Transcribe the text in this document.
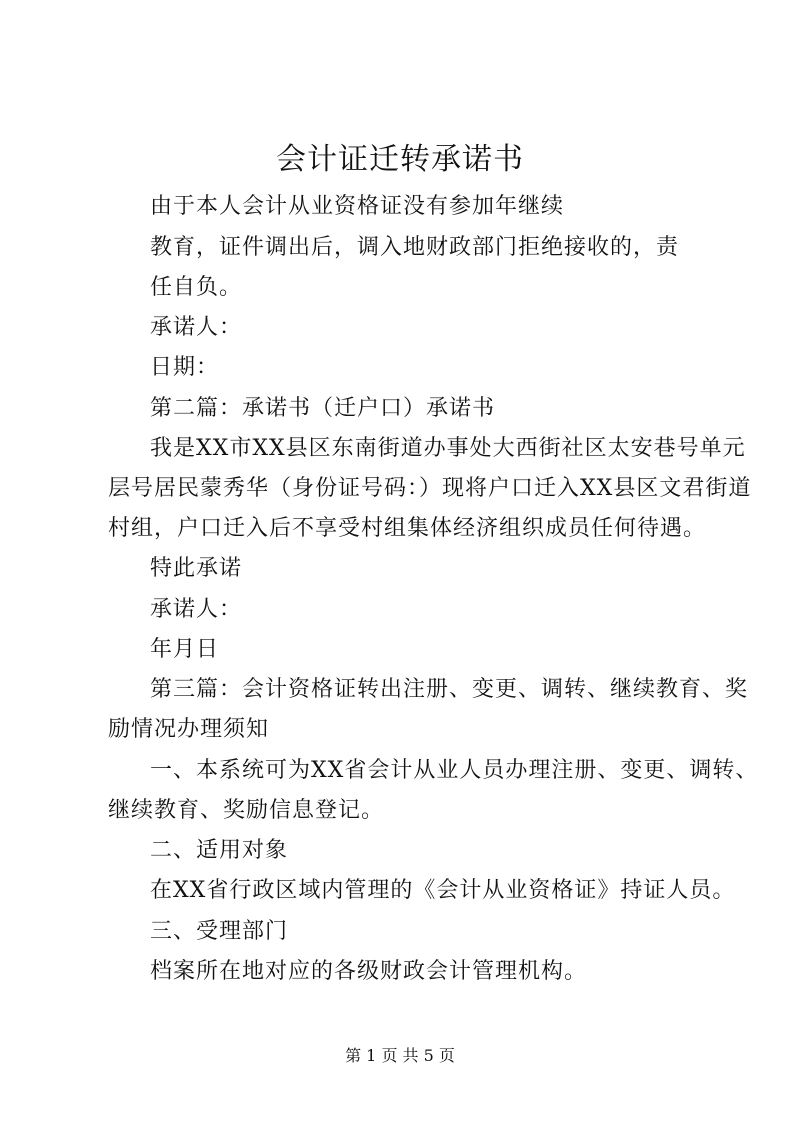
会计证迁转承诺书
由于本人会计从业资格证没有参加年继续
教育，证件调出后，调入地财政部门拒绝接收的，责
任自负。
承诺人：
日期：
第二篇：承诺书（迁户口）承诺书
我是XX市XX县区东南街道办事处大西街社区太安巷号单元
层号居民蒙秀华（身份证号码：）现将户口迁入XX县区文君街道
村组，户口迁入后不享受村组集体经济组织成员任何待遇。
特此承诺
承诺人：
年月日
第三篇：会计资格证转出注册、变更、调转、继续教育、奖
励情况办理须知
一、本系统可为XX省会计从业人员办理注册、变更、调转、
继续教育、奖励信息登记。
二、适用对象
在XX省行政区域内管理的《会计从业资格证》持证人员。
三、受理部门
档案所在地对应的各级财政会计管理机构。
第 1 页 共 5 页
